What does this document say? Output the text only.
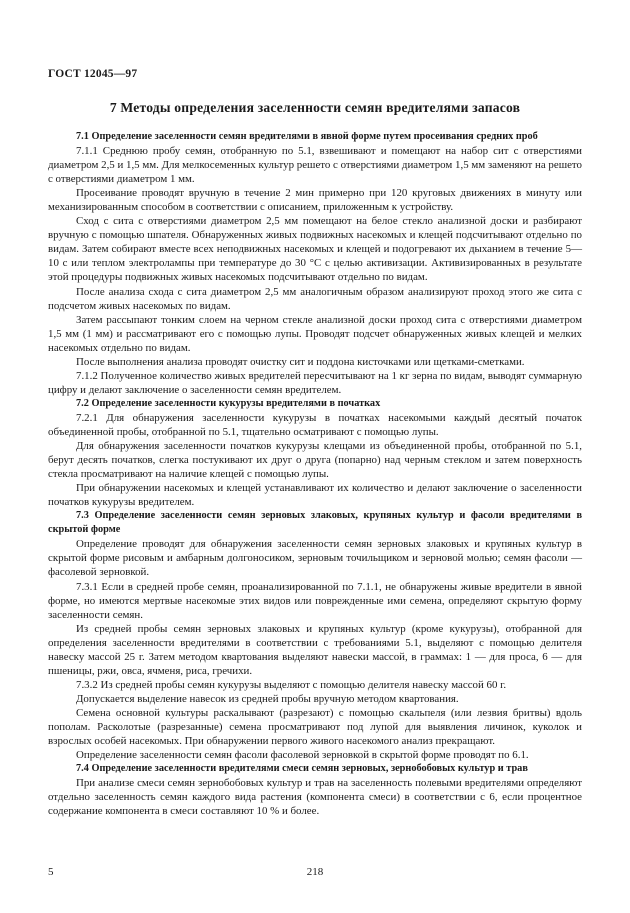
ГОСТ 12045—97
7 Методы определения заселенности семян вредителями запасов

7.1 Определение заселенности семян вредителями в явной форме путем просеивания средних проб

7.1.1 Среднюю пробу семян, отобранную по 5.1, взвешивают и помещают на набор сит с отверстиями диаметром 2,5 и 1,5 мм. Для мелкосеменных культур решето с отверстиями диаметром 1,5 мм заменяют на решето с отверстиями диаметром 1 мм.

Просеивание проводят вручную в течение 2 мин примерно при 120 круговых движениях в минуту или механизированным способом в соответствии с описанием, приложенным к устройству.

Сход с сита с отверстиями диаметром 2,5 мм помещают на белое стекло анализной доски и разбирают вручную с помощью шпателя. Обнаруженных живых подвижных насекомых и клещей подсчитывают отдельно по видам. Затем собирают вместе всех неподвижных насекомых и клещей и подогревают их дыханием в течение 5—10 с или теплом электролампы при температуре до 30 °С с целью активизации. Активизированных в результате этой процедуры подвижных живых насекомых подсчитывают отдельно по видам.

После анализа схода с сита диаметром 2,5 мм аналогичным образом анализируют проход этого же сита с подсчетом живых насекомых по видам.

Затем рассыпают тонким слоем на черном стекле анализной доски проход сита с отверстиями диаметром 1,5 мм (1 мм) и рассматривают его с помощью лупы. Проводят подсчет обнаруженных живых клещей и мелких насекомых отдельно по видам.

После выполнения анализа проводят очистку сит и поддона кисточками или щетками-сметками.

7.1.2 Полученное количество живых вредителей пересчитывают на 1 кг зерна по видам, выводят суммарную цифру и делают заключение о заселенности семян вредителем.

7.2 Определение заселенности кукурузы вредителями в початках

7.2.1 Для обнаружения заселенности кукурузы в початках насекомыми каждый десятый початок объединенной пробы, отобранной по 5.1, тщательно осматривают с помощью лупы.

Для обнаружения заселенности початков кукурузы клещами из объединенной пробы, отобранной по 5.1, берут десять початков, слегка постукивают их друг о друга (попарно) над черным стеклом и затем поверхность стекла просматривают на наличие клещей с помощью лупы.

При обнаружении насекомых и клещей устанавливают их количество и делают заключение о заселенности початков кукурузы вредителем.

7.3 Определение заселенности семян зерновых злаковых, крупяных культур и фасоли вредителями в скрытой форме

Определение проводят для обнаружения заселенности семян зерновых злаковых и крупяных культур в скрытой форме рисовым и амбарным долгоносиком, зерновым точильщиком и зерновой молью; семян фасоли — фасолевой зерновкой.

7.3.1 Если в средней пробе семян, проанализированной по 7.1.1, не обнаружены живые вредители в явной форме, но имеются мертвые насекомые этих видов или поврежденные ими семена, определяют скрытую форму заселенности семян.

Из средней пробы семян зерновых злаковых и крупяных культур (кроме кукурузы), отобранной для определения заселенности вредителями в соответствии с требованиями 5.1, выделяют с помощью делителя навеску массой 25 г. Затем методом квартования выделяют навески массой, в граммах: 1 — для проса, 6 — для пшеницы, ржи, овса, ячменя, риса, гречихи.

7.3.2 Из средней пробы семян кукурузы выделяют с помощью делителя навеску массой 60 г.

Допускается выделение навесок из средней пробы вручную методом квартования.

Семена основной культуры раскалывают (разрезают) с помощью скальпеля (или лезвия бритвы) вдоль пополам. Расколотые (разрезанные) семена просматривают под лупой для выявления личинок, куколок и взрослых особей насекомых. При обнаружении первого живого насекомого анализ прекращают.

Определение заселенности семян фасоли фасолевой зерновкой в скрытой форме проводят по 6.1.

7.4 Определение заселенности вредителями смеси семян зерновых, зернобобовых культур и трав

При анализе смеси семян зернобобовых культур и трав на заселенность полевыми вредителями определяют отдельно заселенность семян каждого вида растения (компонента смеси) в соответствии с 6, если процентное содержание компонента в смеси составляют 10 % и более.

5	218
